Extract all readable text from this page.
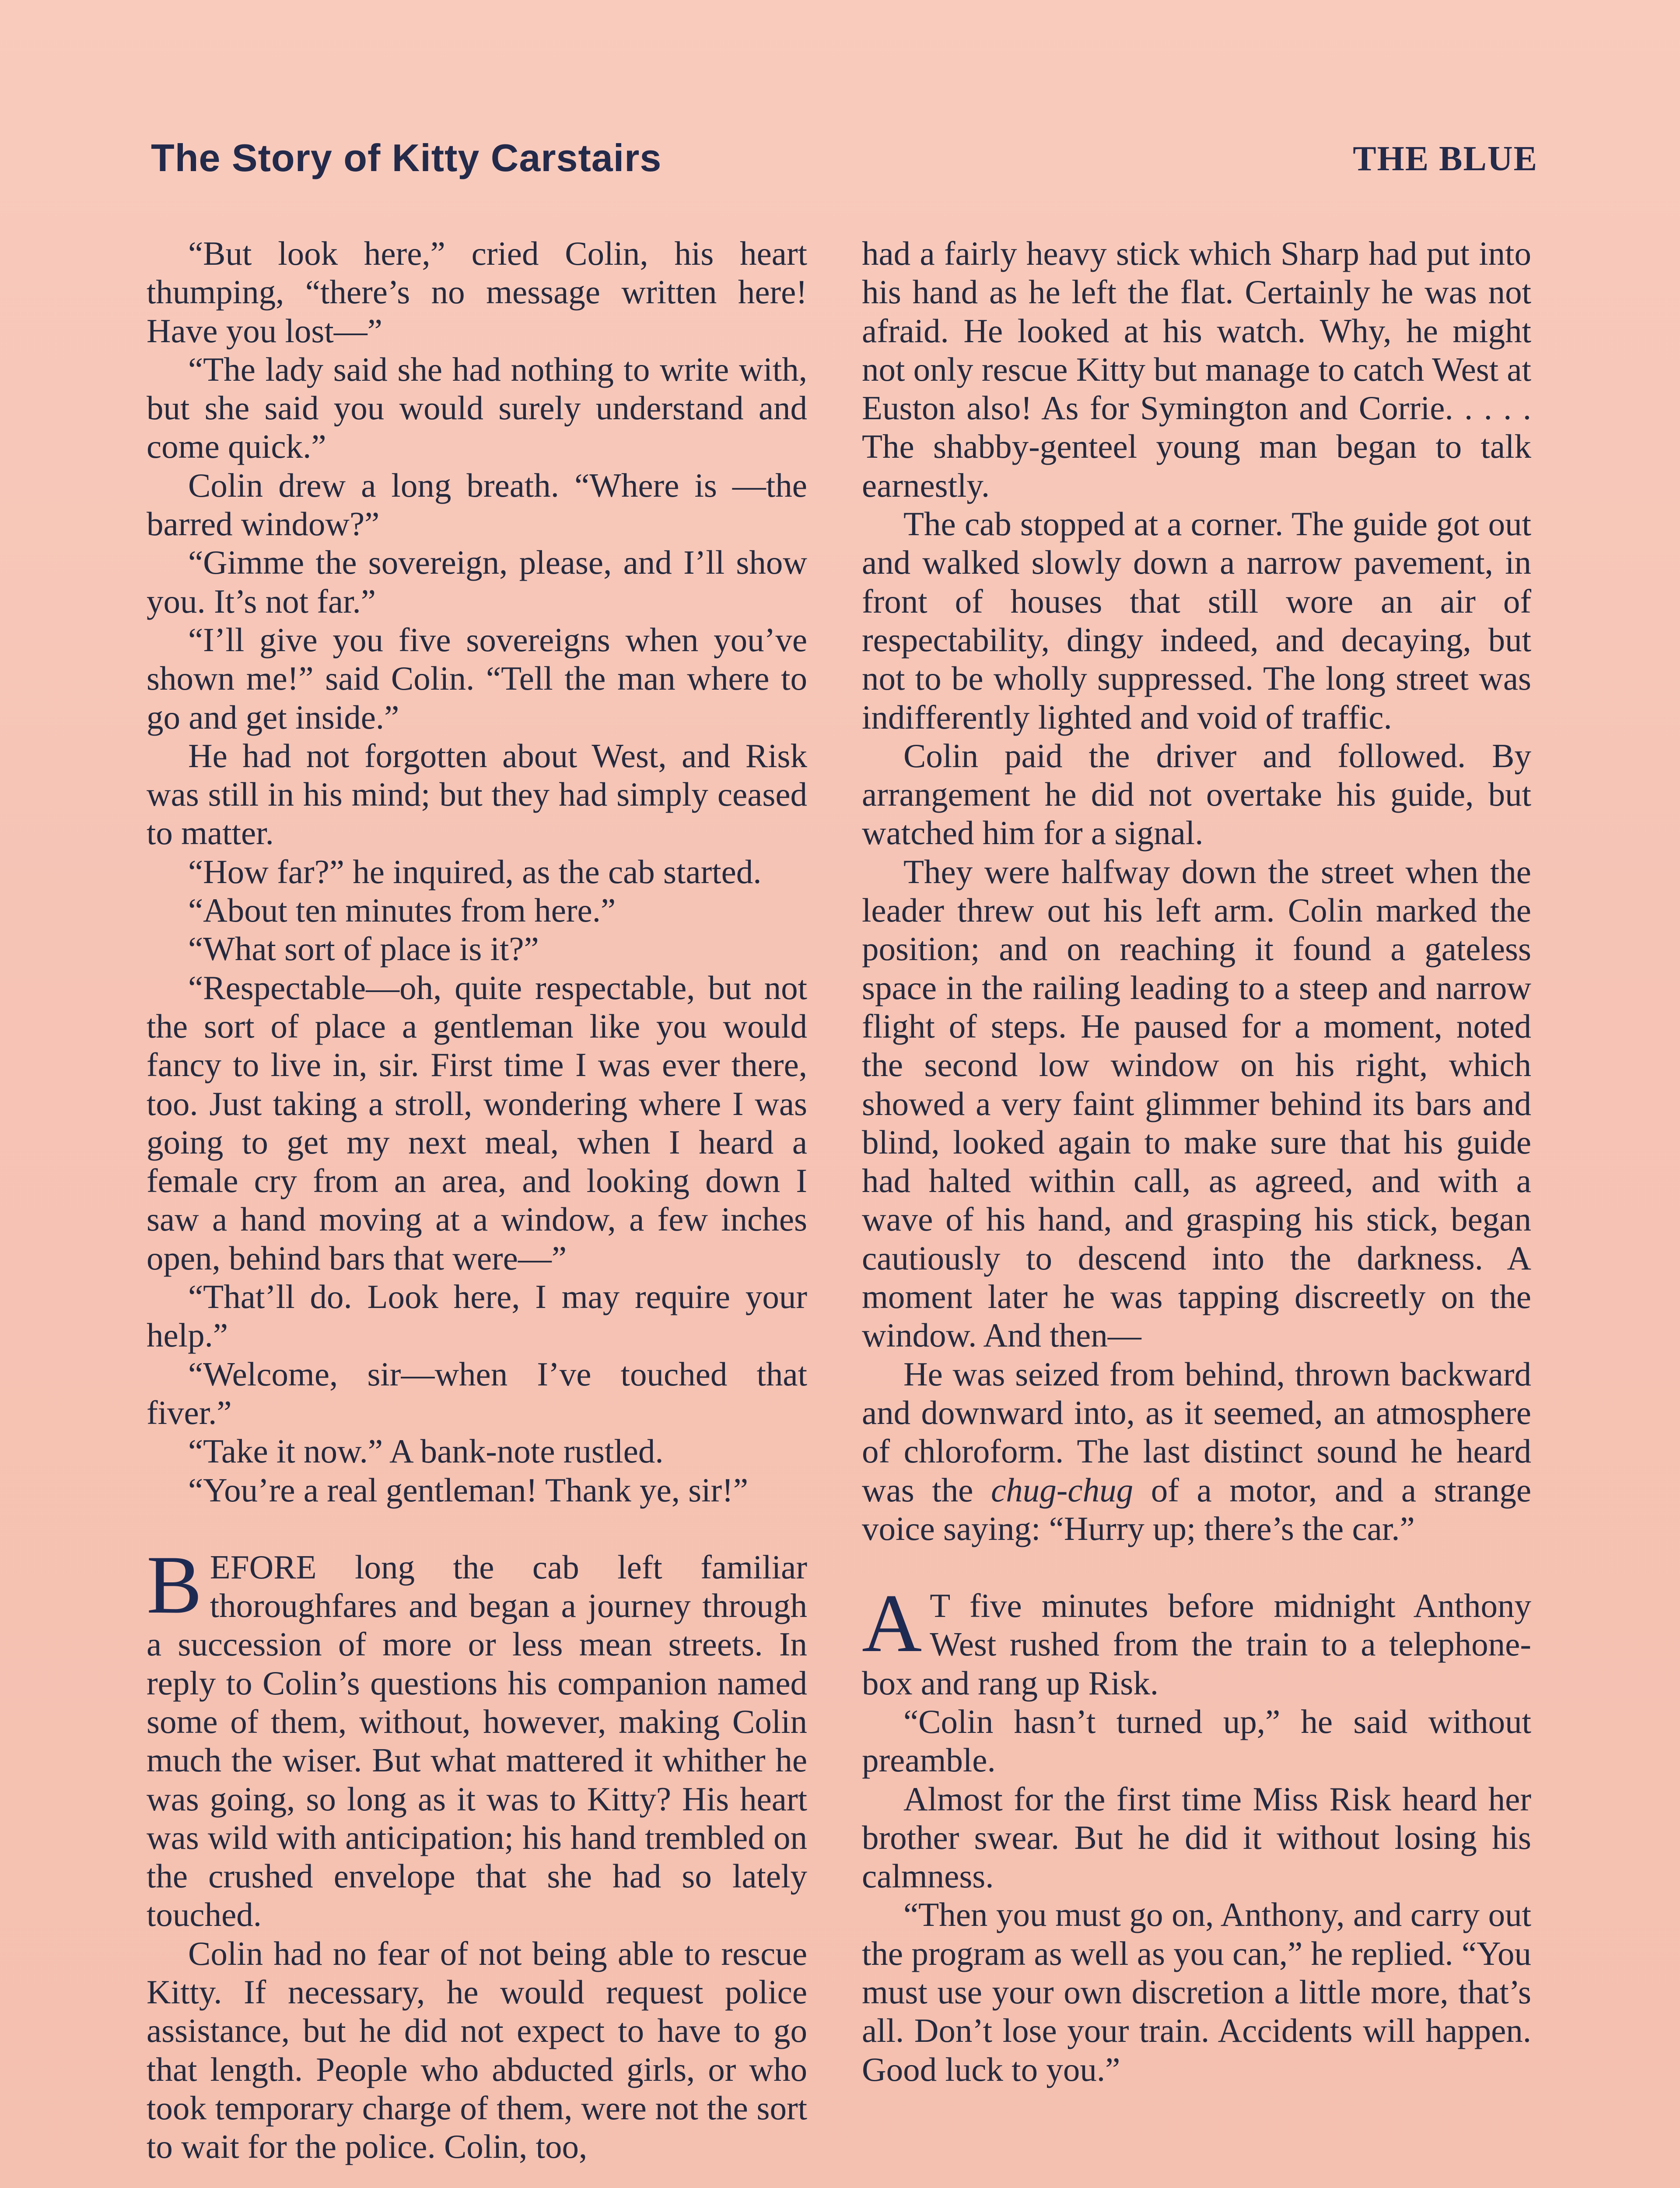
The Story of Kitty Carstairs	THE BLUE

“But look here,” cried Colin, his heart thumping, “there’s no message written here! Have you lost—”

“The lady said she had nothing to write with, but she said you would surely understand and come quick.”

Colin drew a long breath. “Where is —the barred window?”

“Gimme the sovereign, please, and I’ll show you. It’s not far.”

“I’ll give you five sovereigns when you’ve shown me!” said Colin. “Tell the man where to go and get inside.”

He had not forgotten about West, and Risk was still in his mind; but they had simply ceased to matter.

“How far?” he inquired, as the cab started.

“About ten minutes from here.”

“What sort of place is it?”

“Respectable—oh, quite respectable, but not the sort of place a gentleman like you would fancy to live in, sir. First time I was ever there, too. Just taking a stroll, wondering where I was going to get my next meal, when I heard a female cry from an area, and looking down I saw a hand moving at a window, a few inches open, behind bars that were—”

“That’ll do. Look here, I may require your help.”

“Welcome, sir—when I’ve touched that fiver.”

“Take it now.” A bank-note rustled.

“You’re a real gentleman! Thank ye, sir!”

BEFORE long the cab left familiar thoroughfares and began a journey through a succession of more or less mean streets. In reply to Colin’s questions his companion named some of them, without, however, making Colin much the wiser. But what mattered it whither he was going, so long as it was to Kitty? His heart was wild with anticipation; his hand trembled on the crushed envelope that she had so lately touched.

Colin had no fear of not being able to rescue Kitty. If necessary, he would request police assistance, but he did not expect to have to go that length. People who abducted girls, or who took temporary charge of them, were not the sort to wait for the police. Colin, too,

had a fairly heavy stick which Sharp had put into his hand as he left the flat. Certainly he was not afraid. He looked at his watch. Why, he might not only rescue Kitty but manage to catch West at Euston also! As for Symington and Corrie. . . . . The shabby-genteel young man began to talk earnestly.

The cab stopped at a corner. The guide got out and walked slowly down a narrow pavement, in front of houses that still wore an air of respectability, dingy indeed, and decaying, but not to be wholly suppressed. The long street was indifferently lighted and void of traffic.

Colin paid the driver and followed. By arrangement he did not overtake his guide, but watched him for a signal.

They were halfway down the street when the leader threw out his left arm. Colin marked the position; and on reaching it found a gateless space in the railing leading to a steep and narrow flight of steps. He paused for a moment, noted the second low window on his right, which showed a very faint glimmer behind its bars and blind, looked again to make sure that his guide had halted within call, as agreed, and with a wave of his hand, and grasping his stick, began cautiously to descend into the darkness. A moment later he was tapping discreetly on the window. And then—

He was seized from behind, thrown backward and downward into, as it seemed, an atmosphere of chloroform. The last distinct sound he heard was the chug-chug of a motor, and a strange voice saying: “Hurry up; there’s the car.”

A T five minutes before midnight Anthony West rushed from the train to a telephone-box and rang up Risk.

“Colin hasn’t turned up,” he said without preamble.

Almost for the first time Miss Risk heard her brother swear. But he did it without losing his calmness.

“Then you must go on, Anthony, and carry out the program as well as you can,” he replied. “You must use your own discretion a little more, that’s all. Don’t lose your train. Accidents will happen. Good luck to you.”
